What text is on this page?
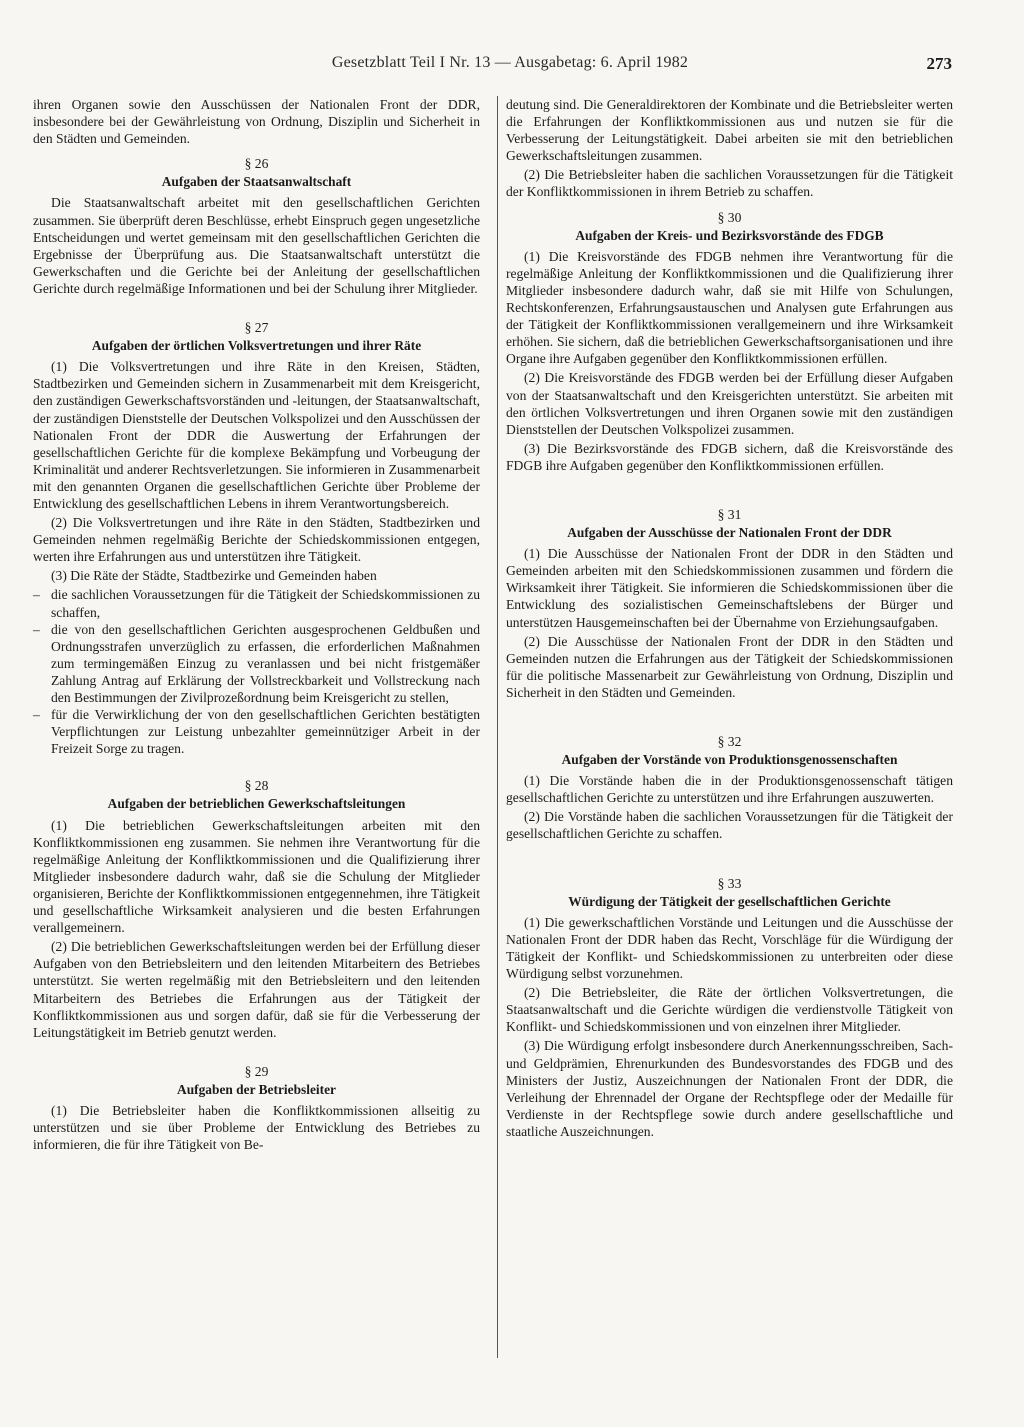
Gesetzblatt Teil I Nr. 13 — Ausgabetag: 6. April 1982	273

ihren Organen sowie den Ausschüssen der Nationalen Front der DDR, insbesondere bei der Gewährleistung von Ordnung, Disziplin und Sicherheit in den Städten und Gemeinden.

§ 26
Aufgaben der Staatsanwaltschaft

Die Staatsanwaltschaft arbeitet mit den gesellschaftlichen Gerichten zusammen. Sie überprüft deren Beschlüsse, erhebt Einspruch gegen ungesetzliche Entscheidungen und wertet gemeinsam mit den gesellschaftlichen Gerichten die Ergebnisse der Überprüfung aus. Die Staatsanwaltschaft unterstützt die Gewerkschaften und die Gerichte bei der Anleitung der gesellschaftlichen Gerichte durch regelmäßige Informationen und bei der Schulung ihrer Mitglieder.

§ 27
Aufgaben der örtlichen Volksvertretungen und ihrer Räte

(1) Die Volksvertretungen und ihre Räte in den Kreisen, Städten, Stadtbezirken und Gemeinden sichern in Zusammenarbeit mit dem Kreisgericht, den zuständigen Gewerkschaftsvorständen und -leitungen, der Staatsanwaltschaft, der zuständigen Dienststelle der Deutschen Volkspolizei und den Ausschüssen der Nationalen Front der DDR die Auswertung der Erfahrungen der gesellschaftlichen Gerichte für die komplexe Bekämpfung und Vorbeugung der Kriminalität und anderer Rechtsverletzungen. Sie informieren in Zusammenarbeit mit den genannten Organen die gesellschaftlichen Gerichte über Probleme der Entwicklung des gesellschaftlichen Lebens in ihrem Verantwortungsbereich.

(2) Die Volksvertretungen und ihre Räte in den Städten, Stadtbezirken und Gemeinden nehmen regelmäßig Berichte der Schiedskommissionen entgegen, werten ihre Erfahrungen aus und unterstützen ihre Tätigkeit.

(3) Die Räte der Städte, Stadtbezirke und Gemeinden haben

– die sachlichen Voraussetzungen für die Tätigkeit der Schiedskommissionen zu schaffen,
– die von den gesellschaftlichen Gerichten ausgesprochenen Geldbußen und Ordnungsstrafen unverzüglich zu erfassen, die erforderlichen Maßnahmen zum termingemäßen Einzug zu veranlassen und bei nicht fristgemäßer Zahlung Antrag auf Erklärung der Vollstreckbarkeit und Vollstreckung nach den Bestimmungen der Zivilprozeßordnung beim Kreisgericht zu stellen,
– für die Verwirklichung der von den gesellschaftlichen Gerichten bestätigten Verpflichtungen zur Leistung unbezahlter gemeinnütziger Arbeit in der Freizeit Sorge zu tragen.
§ 28
Aufgaben der betrieblichen Gewerkschaftsleitungen

(1) Die betrieblichen Gewerkschaftsleitungen arbeiten mit den Konfliktkommissionen eng zusammen. Sie nehmen ihre Verantwortung für die regelmäßige Anleitung der Konfliktkommissionen und die Qualifizierung ihrer Mitglieder insbesondere dadurch wahr, daß sie die Schulung der Mitglieder organisieren, Berichte der Konfliktkommissionen entgegennehmen, ihre Tätigkeit und gesellschaftliche Wirksamkeit analysieren und die besten Erfahrungen verallgemeinern.

(2) Die betrieblichen Gewerkschaftsleitungen werden bei der Erfüllung dieser Aufgaben von den Betriebsleitern und den leitenden Mitarbeitern des Betriebes unterstützt. Sie werten regelmäßig mit den Betriebsleitern und den leitenden Mitarbeitern des Betriebes die Erfahrungen aus der Tätigkeit der Konfliktkommissionen aus und sorgen dafür, daß sie für die Verbesserung der Leitungstätigkeit im Betrieb genutzt werden.

§ 29
Aufgaben der Betriebsleiter

(1) Die Betriebsleiter haben die Konfliktkommissionen allseitig zu unterstützen und sie über Probleme der Entwicklung des Betriebes zu informieren, die für ihre Tätigkeit von Be-

deutung sind. Die Generaldirektoren der Kombinate und die Betriebsleiter werten die Erfahrungen der Konfliktkommissionen aus und nutzen sie für die Verbesserung der Leitungstätigkeit. Dabei arbeiten sie mit den betrieblichen Gewerkschaftsleitungen zusammen.

(2) Die Betriebsleiter haben die sachlichen Voraussetzungen für die Tätigkeit der Konfliktkommissionen in ihrem Betrieb zu schaffen.

§ 30
Aufgaben der Kreis- und Bezirksvorstände des FDGB

(1) Die Kreisvorstände des FDGB nehmen ihre Verantwortung für die regelmäßige Anleitung der Konfliktkommissionen und die Qualifizierung ihrer Mitglieder insbesondere dadurch wahr, daß sie mit Hilfe von Schulungen, Rechtskonferenzen, Erfahrungsaustauschen und Analysen gute Erfahrungen aus der Tätigkeit der Konfliktkommissionen verallgemeinern und ihre Wirksamkeit erhöhen. Sie sichern, daß die betrieblichen Gewerkschaftsorganisationen und ihre Organe ihre Aufgaben gegenüber den Konfliktkommissionen erfüllen.

(2) Die Kreisvorstände des FDGB werden bei der Erfüllung dieser Aufgaben von der Staatsanwaltschaft und den Kreisgerichten unterstützt. Sie arbeiten mit den örtlichen Volksvertretungen und ihren Organen sowie mit den zuständigen Dienststellen der Deutschen Volkspolizei zusammen.

(3) Die Bezirksvorstände des FDGB sichern, daß die Kreisvorstände des FDGB ihre Aufgaben gegenüber den Konfliktkommissionen erfüllen.

§ 31
Aufgaben der Ausschüsse der Nationalen Front der DDR

(1) Die Ausschüsse der Nationalen Front der DDR in den Städten und Gemeinden arbeiten mit den Schiedskommissionen zusammen und fördern die Wirksamkeit ihrer Tätigkeit. Sie informieren die Schiedskommissionen über die Entwicklung des sozialistischen Gemeinschaftslebens der Bürger und unterstützen Hausgemeinschaften bei der Übernahme von Erziehungsaufgaben.

(2) Die Ausschüsse der Nationalen Front der DDR in den Städten und Gemeinden nutzen die Erfahrungen aus der Tätigkeit der Schiedskommissionen für die politische Massenarbeit zur Gewährleistung von Ordnung, Disziplin und Sicherheit in den Städten und Gemeinden.

§ 32
Aufgaben der Vorstände von Produktionsgenossenschaften

(1) Die Vorstände haben die in der Produktionsgenossenschaft tätigen gesellschaftlichen Gerichte zu unterstützen und ihre Erfahrungen auszuwerten.

(2) Die Vorstände haben die sachlichen Voraussetzungen für die Tätigkeit der gesellschaftlichen Gerichte zu schaffen.

§ 33
Würdigung der Tätigkeit der gesellschaftlichen Gerichte

(1) Die gewerkschaftlichen Vorstände und Leitungen und die Ausschüsse der Nationalen Front der DDR haben das Recht, Vorschläge für die Würdigung der Tätigkeit der Konflikt- und Schiedskommissionen zu unterbreiten oder diese Würdigung selbst vorzunehmen.

(2) Die Betriebsleiter, die Räte der örtlichen Volksvertretungen, die Staatsanwaltschaft und die Gerichte würdigen die verdienstvolle Tätigkeit von Konflikt- und Schiedskommissionen und von einzelnen ihrer Mitglieder.

(3) Die Würdigung erfolgt insbesondere durch Anerkennungsschreiben, Sach- und Geldprämien, Ehrenurkunden des Bundesvorstandes des FDGB und des Ministers der Justiz, Auszeichnungen der Nationalen Front der DDR, die Verleihung der Ehrennadel der Organe der Rechtspflege oder der Medaille für Verdienste in der Rechtspflege sowie durch andere gesellschaftliche und staatliche Auszeichnungen.
